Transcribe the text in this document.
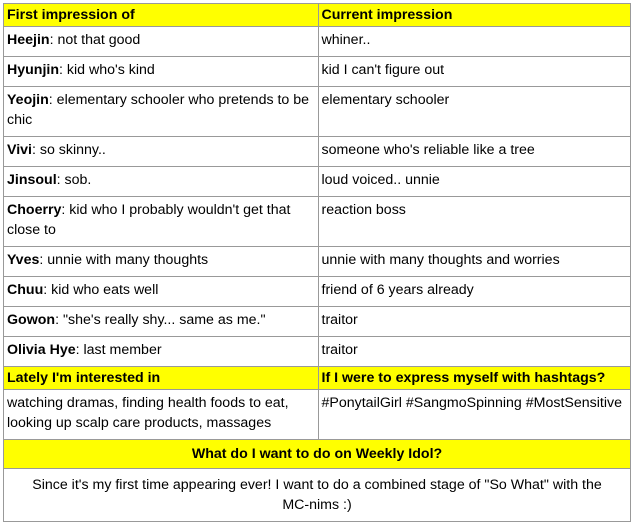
First impression of	Current impression
Heejin: not that good	whiner..
Hyunjin: kid who's kind	kid I can't figure out
Yeojin: elementary schooler who pretends to be chic	elementary schooler
Vivi: so skinny..	someone who's reliable like a tree
Jinsoul: sob.	loud voiced.. unnie
Choerry: kid who I probably wouldn't get that close to	reaction boss
Yves: unnie with many thoughts	unnie with many thoughts and worries
Chuu: kid who eats well	friend of 6 years already
Gowon: "she's really shy... same as me."	traitor
Olivia Hye: last member	traitor
Lately I'm interested in	If I were to express myself with hashtags?
watching dramas, finding health foods to eat, looking up scalp care products, massages	#PonytailGirl #SangmoSpinning #MostSensitive
What do I want to do on Weekly Idol?	
Since it's my first time appearing ever! I want to do a combined stage of "So What" with the MC-nims :)	
